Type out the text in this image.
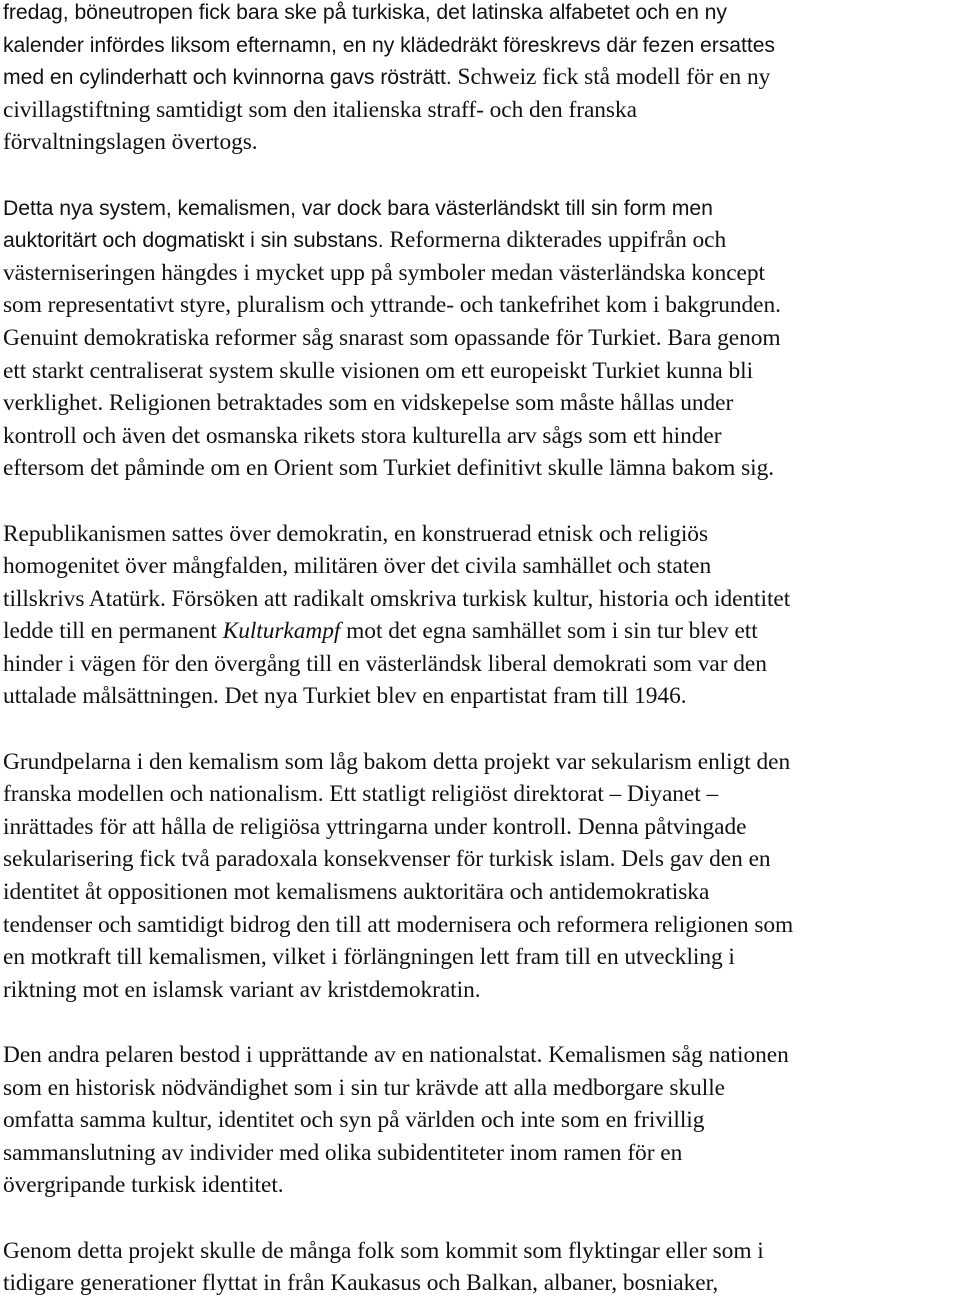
fredag, böneutropen fick bara ske på turkiska, det latinska alfabetet och en ny
kalender infördes liksom efternamn, en ny klädedräkt föreskrevs där fezen ersattes
med en cylinderhatt och kvinnorna gavs rösträtt. Schweiz fick stå modell för en ny
civillagstiftning samtidigt som den italienska straff- och den franska
förvaltningslagen övertogs.
Detta nya system, kemalismen, var dock bara västerländskt till sin form men
auktoritärt och dogmatiskt i sin substans. Reformerna dikterades uppifrån och
västerniseringen hängdes i mycket upp på symboler medan västerländska koncept
som representativt styre, pluralism och yttrande- och tankefrihet kom i bakgrunden.
Genuint demokratiska reformer såg snarast som opassande för Turkiet. Bara genom
ett starkt centraliserat system skulle visionen om ett europeiskt Turkiet kunna bli
verklighet. Religionen betraktades som en vidskepelse som måste hållas under
kontroll och även det osmanska rikets stora kulturella arv sågs som ett hinder
eftersom det påminde om en Orient som Turkiet definitivt skulle lämna bakom sig.
Republikanismen sattes över demokratin, en konstruerad etnisk och religiös
homogenitet över mångfalden, militären över det civila samhället och staten
tillskrivs Atatürk. Försöken att radikalt omskriva turkisk kultur, historia och identitet
ledde till en permanent Kulturkampf mot det egna samhället som i sin tur blev ett
hinder i vägen för den övergång till en västerländsk liberal demokrati som var den
uttalade målsättningen. Det nya Turkiet blev en enpartistat fram till 1946.
Grundpelarna i den kemalism som låg bakom detta projekt var sekularism enligt den
franska modellen och nationalism. Ett statligt religiöst direktorat – Diyanet –
inrättades för att hålla de religiösa yttringarna under kontroll. Denna påtvingade
sekularisering fick två paradoxala konsekvenser för turkisk islam. Dels gav den en
identitet åt oppositionen mot kemalismens auktoritära och antidemokratiska
tendenser och samtidigt bidrog den till att modernisera och reformera religionen som
en motkraft till kemalismen, vilket i förlängningen lett fram till en utveckling i
riktning mot en islamsk variant av kristdemokratin.
Den andra pelaren bestod i upprättande av en nationalstat. Kemalismen såg nationen
som en historisk nödvändighet som i sin tur krävde att alla medborgare skulle
omfatta samma kultur, identitet och syn på världen och inte som en frivillig
sammanslutning av individer med olika subidentiteter inom ramen för en
övergripande turkisk identitet.
Genom detta projekt skulle de många folk som kommit som flyktingar eller som i
tidigare generationer flyttat in från Kaukasus och Balkan, albaner, bosniaker,
